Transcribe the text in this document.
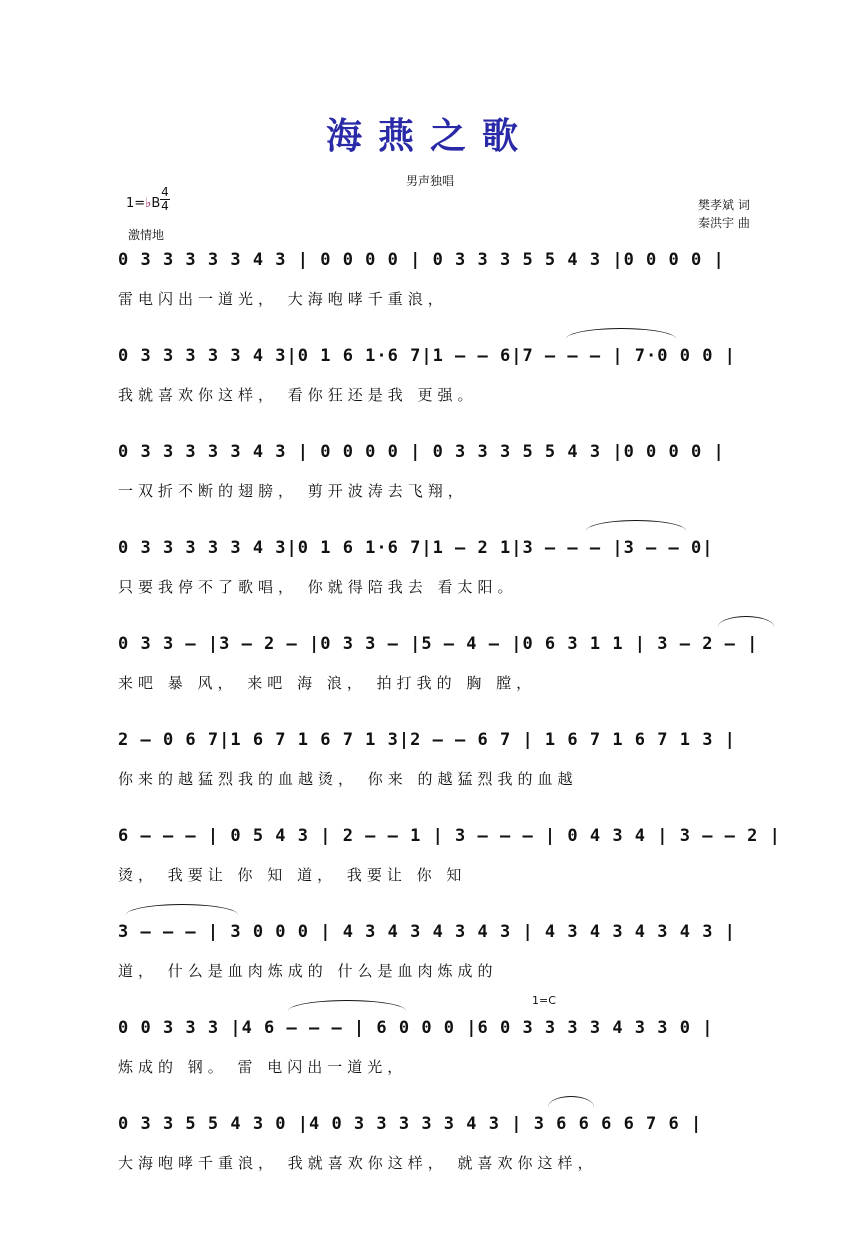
海燕之歌
男声独唱
1=♭B
4
4
激情地
樊孝斌 词
秦洪宇 曲
0 3 3 3 3 3 4 3 | 0 0 0 0 | 0 3 3 3 5 5 4 3 |0 0 0 0 |
雷电闪出一道光， 大海咆哮千重浪，
0 3 3 3 3 3 4 3|0 1 6 1·6 7|1 – – 6|7 – – – | 7·0 0 0 |
我就喜欢你这样， 看你狂还是我 更强。
0 3 3 3 3 3 4 3 | 0 0 0 0 | 0 3 3 3 5 5 4 3 |0 0 0 0 |
一双折不断的翅膀， 剪开波涛去飞翔，
0 3 3 3 3 3 4 3|0 1 6 1·6 7|1 – 2 1|3 – – – |3 – – 0|
只要我停不了歌唱， 你就得陪我去 看太阳。
0 3 3 – |3 – 2 – |0 3 3 – |5 – 4 – |0 6 3 1 1 | 3 – 2 – |
来吧 暴 风， 来吧 海 浪， 拍打我的 胸 膛，
2 – 0 6 7|1 6 7 1 6 7 1 3|2 – – 6 7 | 1 6 7 1 6 7 1 3 |
你来的越猛烈我的血越烫， 你来 的越猛烈我的血越
6 – – – | 0 5 4 3 | 2 – – 1 | 3 – – – | 0 4 3 4 | 3 – – 2 |
烫， 我要让 你 知 道， 我要让 你 知
3 – – – | 3 0 0 0 | 4 3 4 3 4 3 4 3 | 4 3 4 3 4 3 4 3 |
道， 什么是血肉炼成的 什么是血肉炼成的
1=C
0 0 3 3 3 |4 6 – – – | 6 0 0 0 |6 0 3 3 3 3 4 3 3 0 |
炼成的 钢。 雷 电闪出一道光，
0 3 3 5 5 4 3 0 |4 0 3 3 3 3 3 4 3 | 3 6 6 6 6 7 6 |
大海咆哮千重浪， 我就喜欢你这样， 就喜欢你这样，
